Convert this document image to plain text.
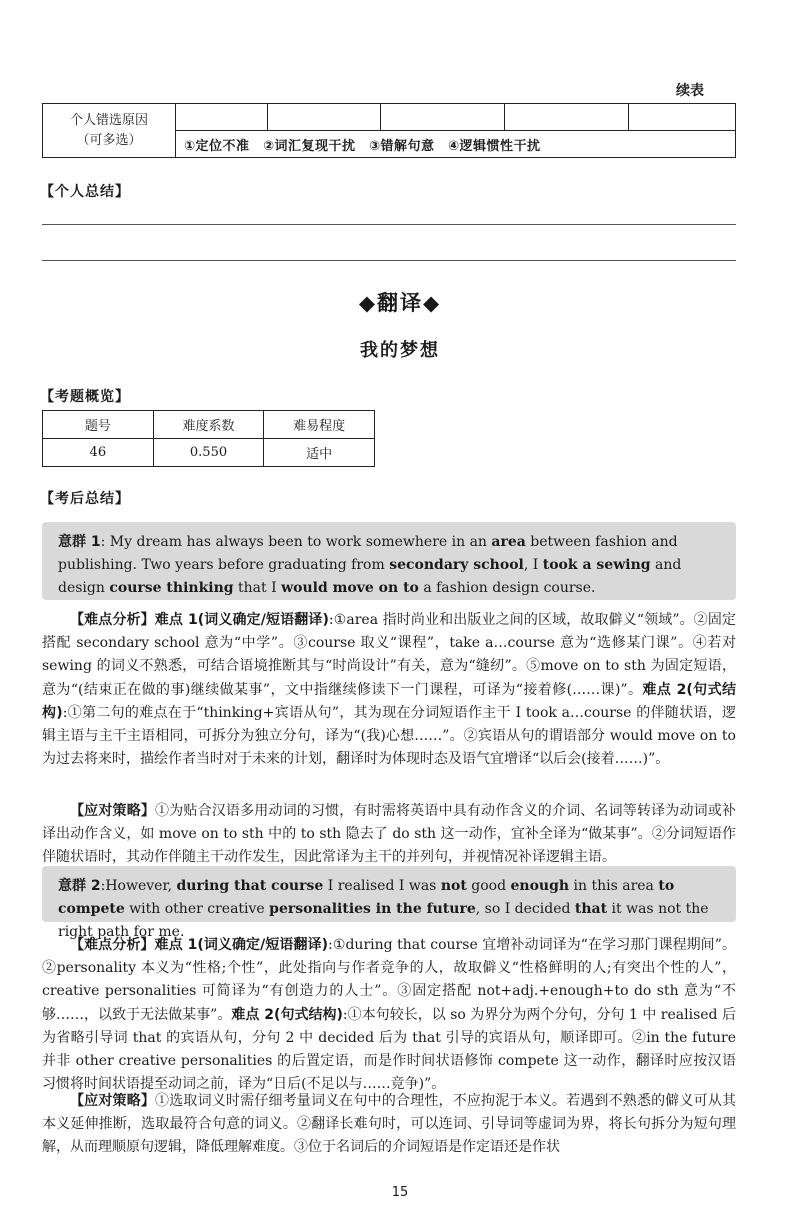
续表
个人错选原因
（可多选）

①定位不准　②词汇复现干扰　③错解句意　④逻辑惯性干扰
【个人总结】
◆翻译◆
我的梦想
【考题概览】
题号	难度系数	难易程度
46	0.550	适中
【考后总结】
意群 1: My dream has always been to work somewhere in an area between fashion and publishing. Two years before graduating from secondary school, I took a sewing and design course thinking that I would move on to a fashion design course.
【难点分析】难点 1(词义确定/短语翻译):①area 指时尚业和出版业之间的区域，故取僻义“领域”。②固定搭配 secondary school 意为“中学”。③course 取义“课程”，take a…course 意为“选修某门课”。④若对 sewing 的词义不熟悉，可结合语境推断其与“时尚设计”有关，意为“缝纫”。⑤move on to sth 为固定短语，意为“(结束正在做的事)继续做某事”，文中指继续修读下一门课程，可译为“接着修(……课)”。难点 2(句式结构):①第二句的难点在于“thinking+宾语从句”，其为现在分词短语作主干 I took a…course 的伴随状语，逻辑主语与主干主语相同，可拆分为独立分句，译为“(我)心想……”。②宾语从句的谓语部分 would move on to 为过去将来时，描绘作者当时对于未来的计划，翻译时为体现时态及语气宜增译“以后会(接着……)”。
【应对策略】①为贴合汉语多用动词的习惯，有时需将英语中具有动作含义的介词、名词等转译为动词或补译出动作含义，如 move on to sth 中的 to sth 隐去了 do sth 这一动作，宜补全译为“做某事”。②分词短语作伴随状语时，其动作伴随主干动作发生，因此常译为主干的并列句，并视情况补译逻辑主语。
意群 2:However, during that course I realised I was not good enough in this area to compete with other creative personalities in the future, so I decided that it was not the right path for me.
【难点分析】难点 1(词义确定/短语翻译):①during that course 宜增补动词译为“在学习那门课程期间”。②personality 本义为“性格;个性”，此处指向与作者竞争的人，故取僻义“性格鲜明的人;有突出个性的人”，creative personalities 可简译为“有创造力的人士”。③固定搭配 not+adj.+enough+to do sth 意为“不够……，以致于无法做某事”。难点 2(句式结构):①本句较长，以 so 为界分为两个分句，分句 1 中 realised 后为省略引导词 that 的宾语从句，分句 2 中 decided 后为 that 引导的宾语从句，顺译即可。②in the future 并非 other creative personalities 的后置定语，而是作时间状语修饰 compete 这一动作，翻译时应按汉语习惯将时间状语提至动词之前，译为“日后(不足以与……竞争)”。
【应对策略】①选取词义时需仔细考量词义在句中的合理性，不应拘泥于本义。若遇到不熟悉的僻义可从其本义延伸推断，选取最符合句意的词义。②翻译长难句时，可以连词、引导词等虚词为界，将长句拆分为短句理解，从而理顺原句逻辑，降低理解难度。③位于名词后的介词短语是作定语还是作状
15
